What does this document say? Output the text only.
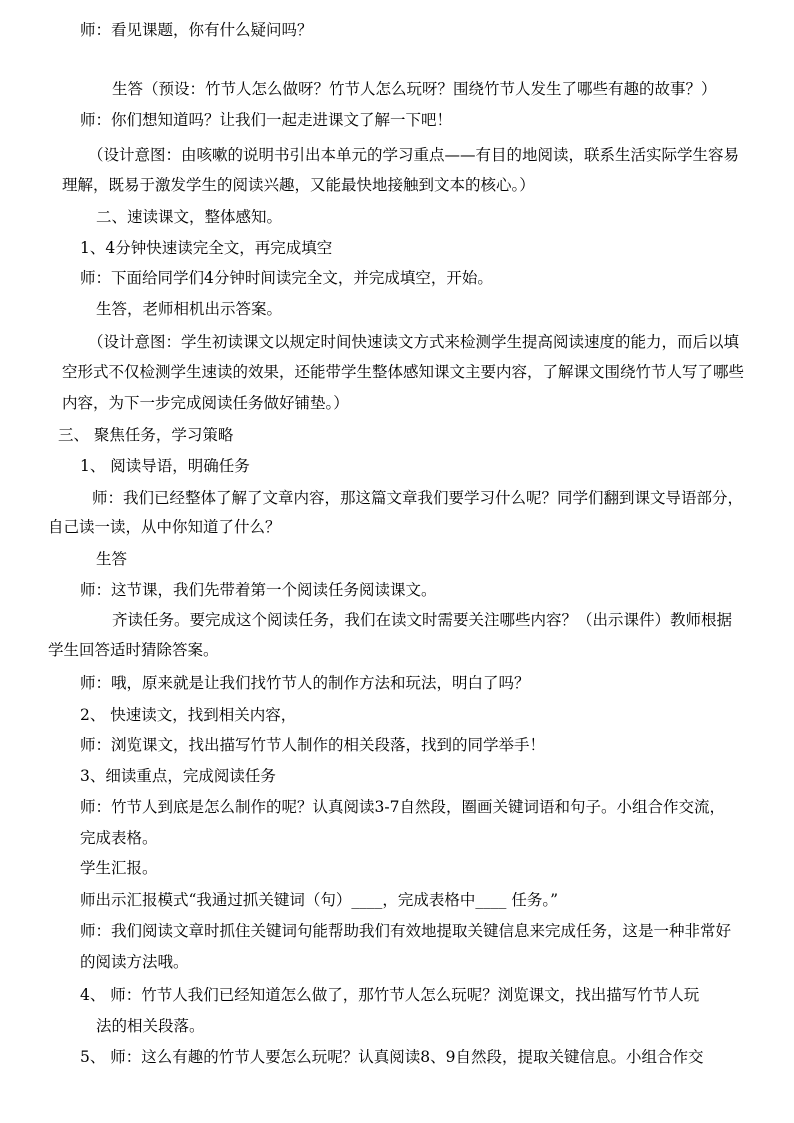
师：看见课题，你有什么疑问吗？
生答（预设：竹节人怎么做呀？竹节人怎么玩呀？围绕竹节人发生了哪些有趣的故事？）
师：你们想知道吗？让我们一起走进课文了解一下吧！
（设计意图：由咳嗽的说明书引出本单元的学习重点——有目的地阅读，联系生活实际学生容易
理解，既易于激发学生的阅读兴趣，又能最快地接触到文本的核心。）
二、速读课文，整体感知。
1、4分钟快速读完全文，再完成填空
师：下面给同学们4分钟时间读完全文，并完成填空，开始。
生答，老师相机出示答案。
（设计意图：学生初读课文以规定时间快速读文方式来检测学生提高阅读速度的能力，而后以填
空形式不仅检测学生速读的效果，还能带学生整体感知课文主要内容，了解课文围绕竹节人写了哪些
内容，为下一步完成阅读任务做好铺垫。）
三、 聚焦任务，学习策略
1、 阅读导语，明确任务
师：我们已经整体了解了文章内容，那这篇文章我们要学习什么呢？同学们翻到课文导语部分，
自己读一读，从中你知道了什么？
生答
师：这节课，我们先带着第一个阅读任务阅读课文。
齐读任务。要完成这个阅读任务，我们在读文时需要关注哪些内容？（出示课件）教师根据
学生回答适时猜除答案。
师：哦，原来就是让我们找竹节人的制作方法和玩法，明白了吗？
2、 快速读文，找到相关内容，
师：浏览课文，找出描写竹节人制作的相关段落，找到的同学举手！
3、细读重点，完成阅读任务
师：竹节人到底是怎么制作的呢？认真阅读3-7自然段，圈画关键词语和句子。小组合作交流，
完成表格。
学生汇报。
师出示汇报模式“我通过抓关键词（句）____，完成表格中____ 任务。”
师：我们阅读文章时抓住关键词句能帮助我们有效地提取关键信息来完成任务，这是一种非常好
的阅读方法哦。
4、 师：竹节人我们已经知道怎么做了，那竹节人怎么玩呢？浏览课文，找出描写竹节人玩
法的相关段落。
5、 师：这么有趣的竹节人要怎么玩呢？认真阅读8、9自然段，提取关键信息。小组合作交
